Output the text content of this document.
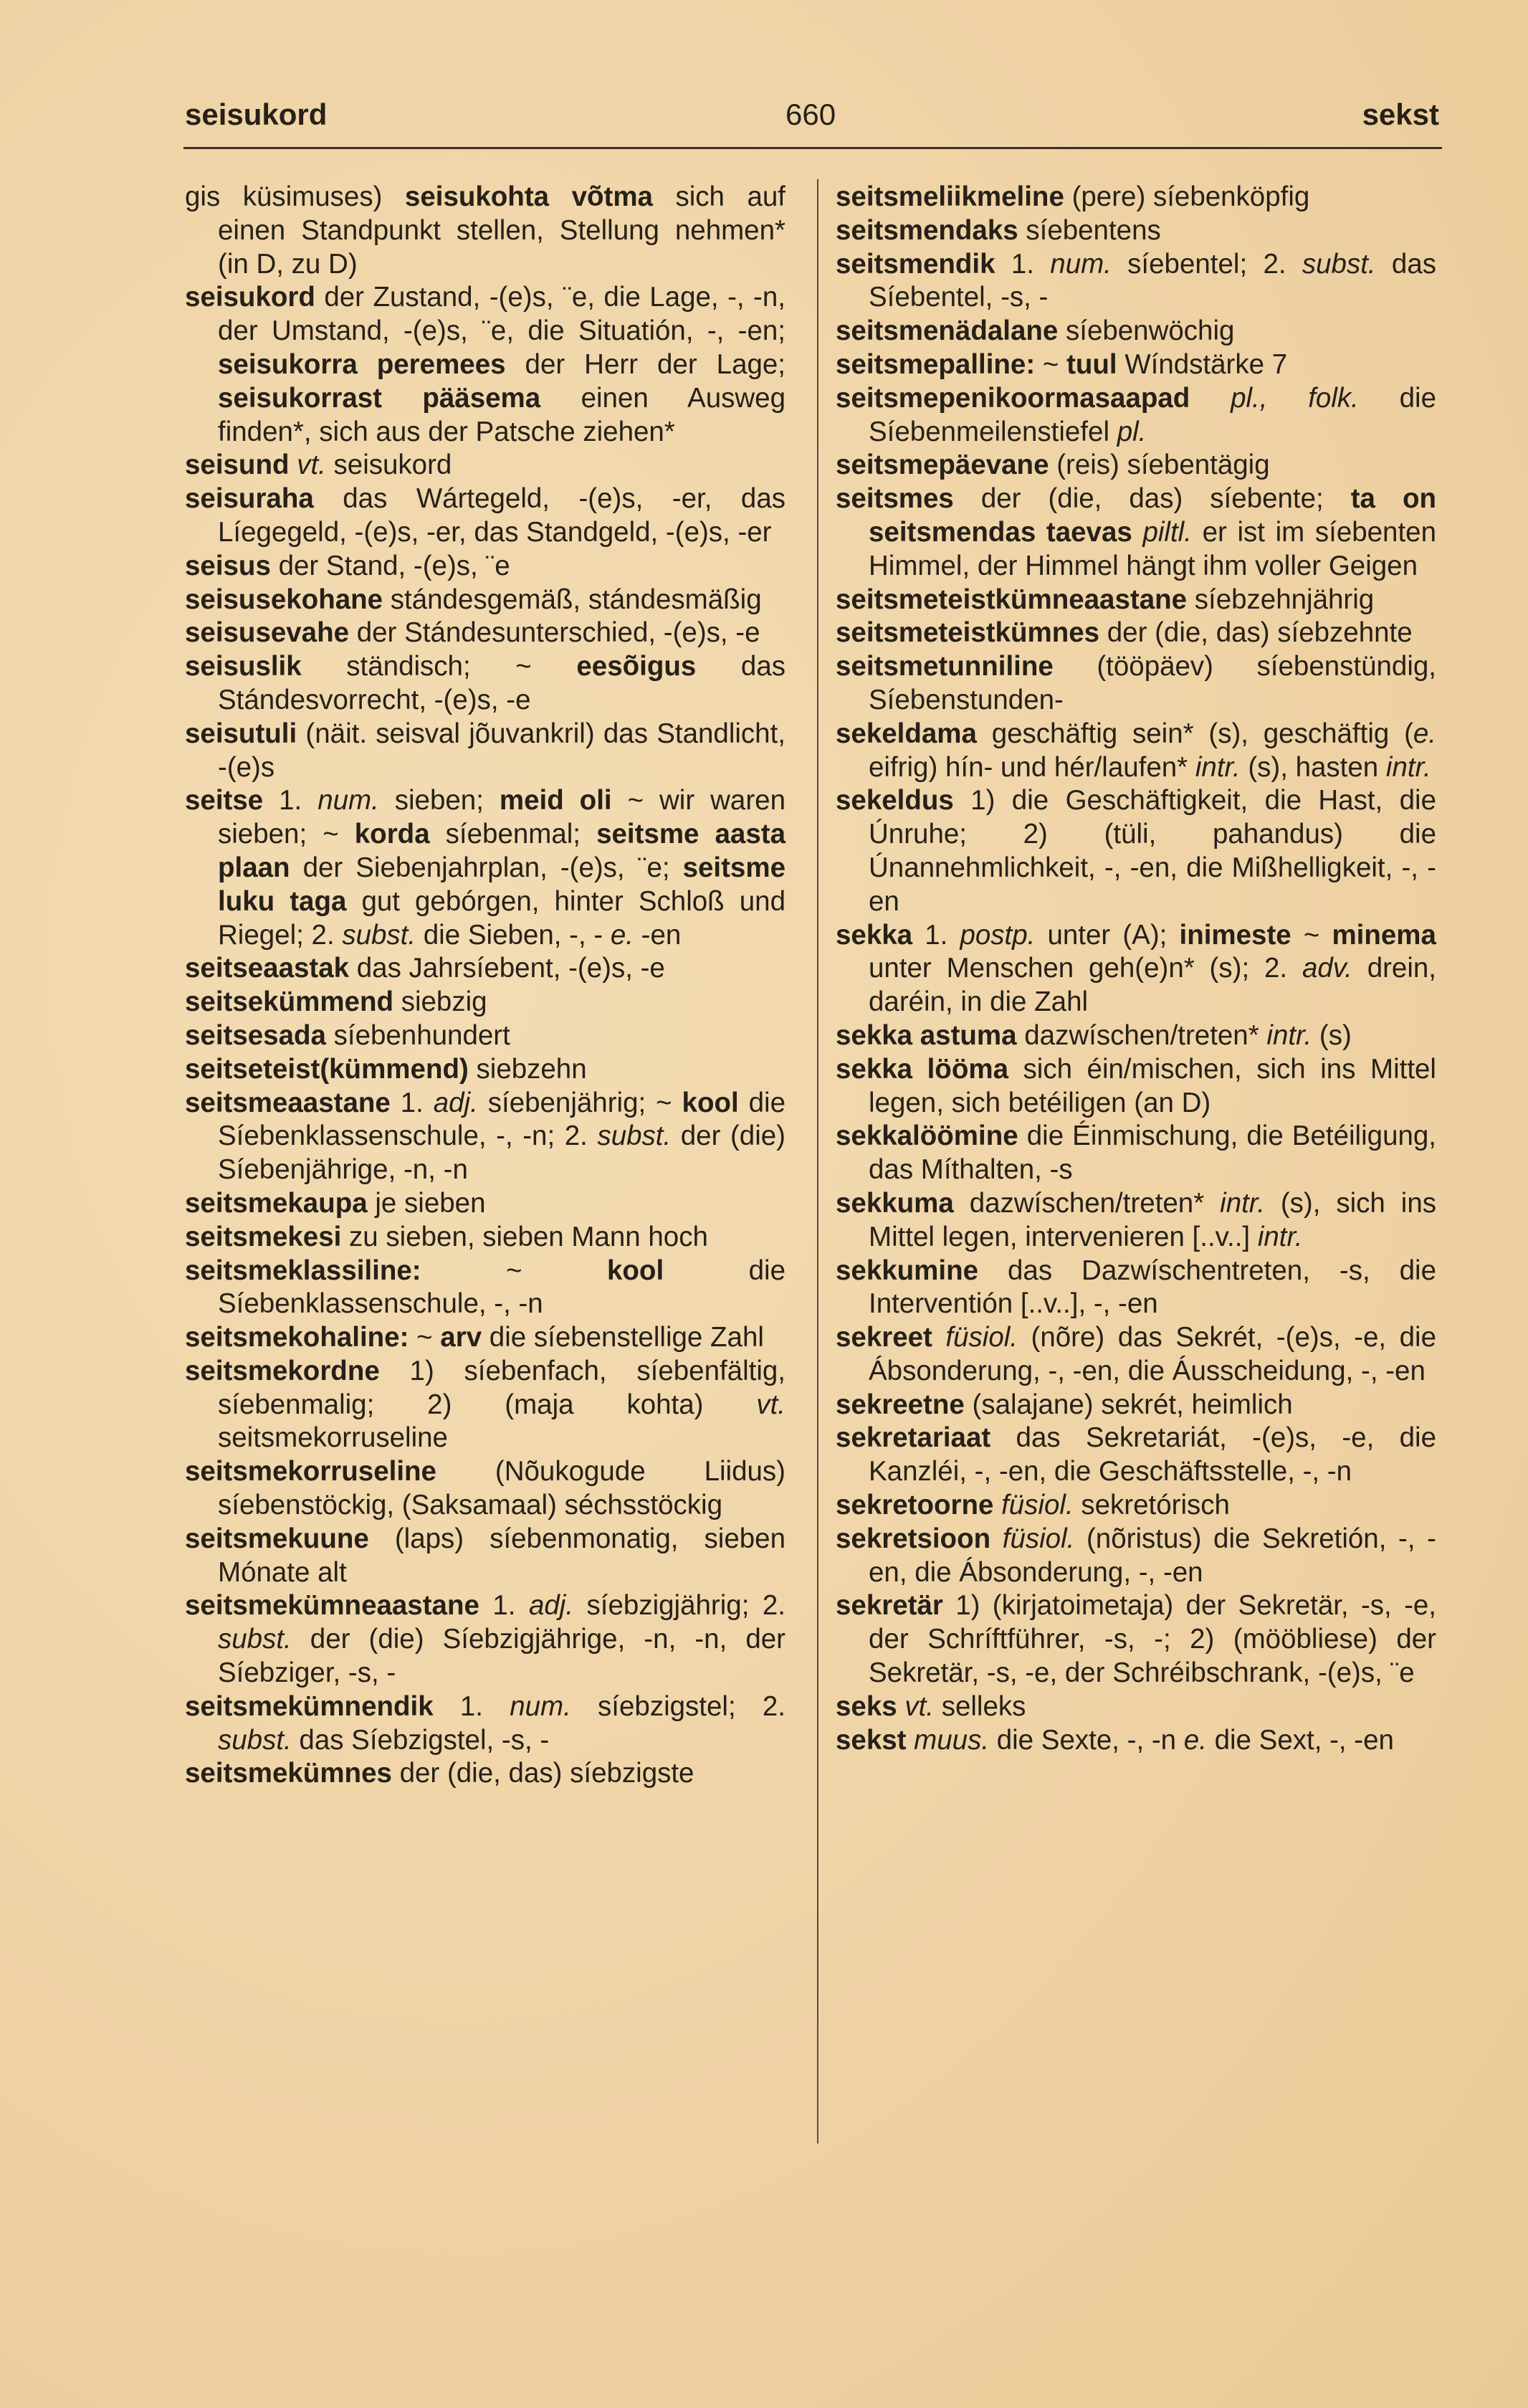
seisukord	660	sekst

gis küsimuses) seisukohta võtma sich auf einen Standpunkt stellen, Stellung nehmen* (in D, zu D)

seisukord der Zustand, -(e)s, ¨e, die Lage, -, -n, der Umstand, -(e)s, ¨e, die Situatión, -, -en; seisukorra peremees der Herr der Lage; seisukorrast pääsema einen Ausweg finden*, sich aus der Patsche ziehen*

seisund vt. seisukord

seisuraha das Wártegeld, -(e)s, -er, das Líegegeld, -(e)s, -er, das Standgeld, -(e)s, -er

seisus der Stand, -(e)s, ¨e

seisusekohane stándesgemäß, stándesmäßig

seisusevahe der Stándesunterschied, -(e)s, -e

seisuslik ständisch; ~ eesõigus das Stándesvorrecht, -(e)s, -e

seisutuli (näit. seisval jõuvankril) das Standlicht, -(e)s

seitse 1. num. sieben; meid oli ~ wir waren sieben; ~ korda síebenmal; seitsme aasta plaan der Siebenjahrplan, -(e)s, ¨e; seitsme luku taga gut gebórgen, hinter Schloß und Riegel; 2. subst. die Sieben, -, - e. -en

seitseaastak das Jahrsíebent, -(e)s, -e

seitsekümmend siebzig

seitsesada síebenhundert

seitseteist(kümmend) siebzehn

seitsmeaastane 1. adj. síebenjährig; ~ kool die Síebenklassenschule, -, -n; 2. subst. der (die) Síebenjährige, -n, -n

seitsmekaupa je sieben

seitsmekesi zu sieben, sieben Mann hoch

seitsmeklassiline: ~ kool die Síebenklassenschule, -, -n

seitsmekohaline: ~ arv die síebenstellige Zahl

seitsmekordne 1) síebenfach, síebenfältig, síebenmalig; 2) (maja kohta) vt. seitsmekorruseline

seitsmekorruseline (Nõukogude Liidus) síebenstöckig, (Saksamaal) séchsstöckig

seitsmekuune (laps) síebenmonatig, sieben Mónate alt

seitsmekümneaastane 1. adj. síebzigjährig; 2. subst. der (die) Síebzigjährige, -n, -n, der Síebziger, -s, -

seitsmekümnendik 1. num. síebzigstel; 2. subst. das Síebzigstel, -s, -

seitsmekümnes der (die, das) síebzigste

seitsmeliikmeline (pere) síebenköpfig

seitsmendaks síebentens

seitsmendik 1. num. síebentel; 2. subst. das Síebentel, -s, -

seitsmenädalane síebenwöchig

seitsmepalline: ~ tuul Wíndstärke 7

seitsmepenikoormasaapad pl., folk. die Síebenmeilenstiefel pl.

seitsmepäevane (reis) síebentägig

seitsmes der (die, das) síebente; ta on seitsmendas taevas piltl. er ist im síebenten Himmel, der Himmel hängt ihm voller Geigen

seitsmeteistkümneaastane síebzehnjährig

seitsmeteistkümnes der (die, das) síebzehnte

seitsmetunniline (tööpäev) síebenstündig, Síebenstunden-

sekeldama geschäftig sein* (s), geschäftig (e. eifrig) hín- und hér/laufen* intr. (s), hasten intr.

sekeldus 1) die Geschäftigkeit, die Hast, die Únruhe; 2) (tüli, pahandus) die Únannehmlichkeit, -, -en, die Mißhelligkeit, -, -en

sekka 1. postp. unter (A); inimeste ~ minema unter Menschen geh(e)n* (s); 2. adv. drein, daréin, in die Zahl

sekka astuma dazwíschen/treten* intr. (s)

sekka lööma sich éin/mischen, sich ins Mittel legen, sich betéiligen (an D)

sekkalöömine die Éinmischung, die Betéiligung, das Míthalten, -s

sekkuma dazwíschen/treten* intr. (s), sich ins Mittel legen, intervenieren [..v..] intr.

sekkumine das Dazwíschentreten, -s, die Interventión [..v..], -, -en

sekreet füsiol. (nõre) das Sekrét, -(e)s, -e, die Ábsonderung, -, -en, die Áusscheidung, -, -en

sekreetne (salajane) sekrét, heimlich

sekretariaat das Sekretariát, -(e)s, -e, die Kanzléi, -, -en, die Geschäftsstelle, -, -n

sekretoorne füsiol. sekretórisch

sekretsioon füsiol. (nõristus) die Sekretión, -, -en, die Ábsonderung, -, -en

sekretär 1) (kirjatoimetaja) der Sekretär, -s, -e, der Schríftführer, -s, -; 2) (mööbliese) der Sekretär, -s, -e, der Schréibschrank, -(e)s, ¨e

seks vt. selleks

sekst muus. die Sexte, -, -n e. die Sext, -, -en
